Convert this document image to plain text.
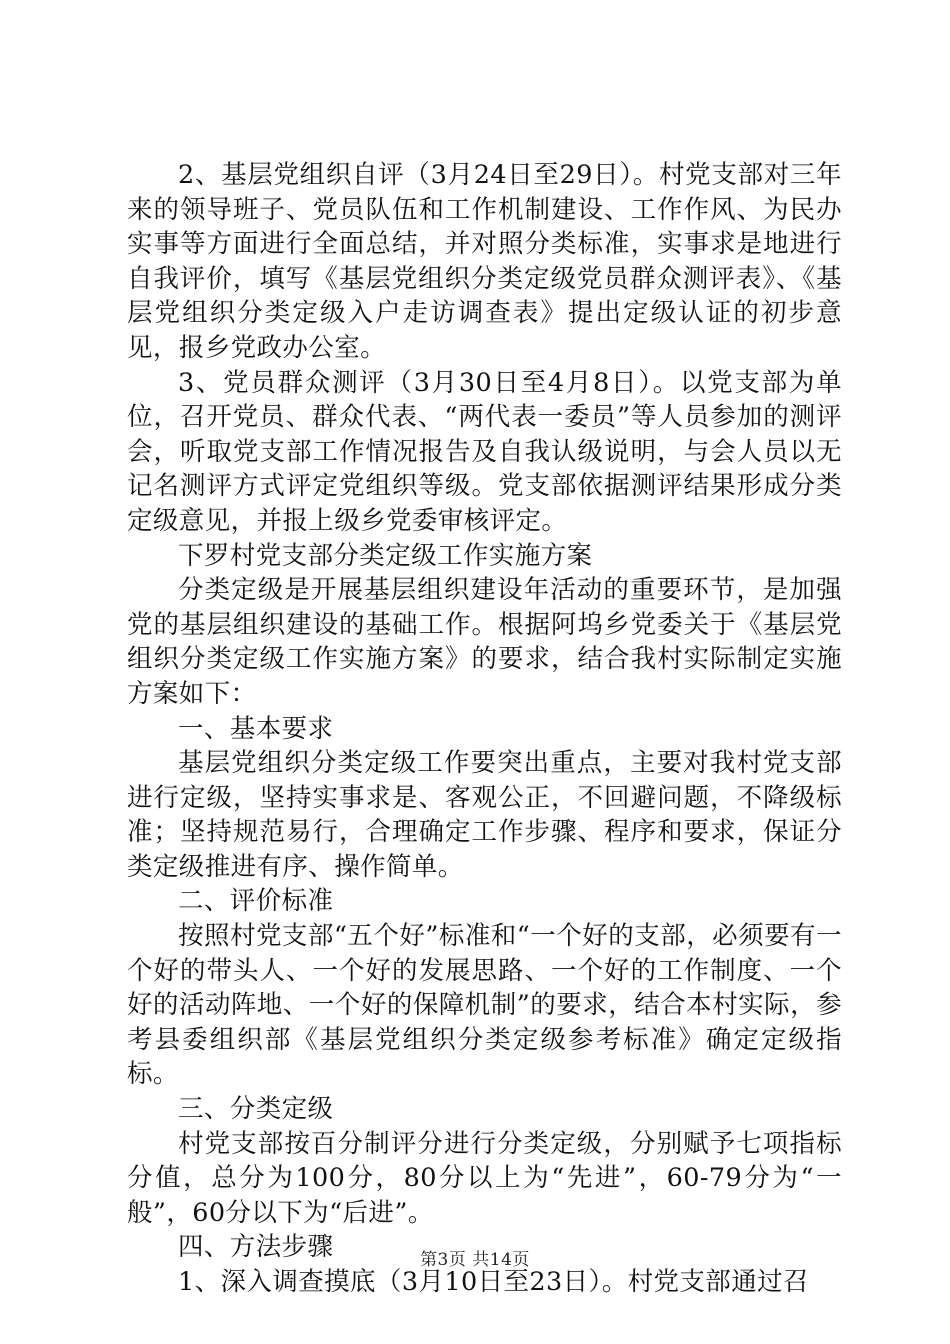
2、基层党组织自评（3月24日至29日）。村党支部对三年来的领导班子、党员队伍和工作机制建设、工作作风、为民办实事等方面进行全面总结，并对照分类标准，实事求是地进行自我评价，填写《基层党组织分类定级党员群众测评表》、《基层党组织分类定级入户走访调查表》提出定级认证的初步意见，报乡党政办公室。

3、党员群众测评（3月30日至4月8日）。以党支部为单位，召开党员、群众代表、“两代表一委员”等人员参加的测评会，听取党支部工作情况报告及自我认级说明，与会人员以无记名测评方式评定党组织等级。党支部依据测评结果形成分类定级意见，并报上级乡党委审核评定。

下罗村党支部分类定级工作实施方案

分类定级是开展基层组织建设年活动的重要环节，是加强党的基层组织建设的基础工作。根据阿坞乡党委关于《基层党组织分类定级工作实施方案》的要求，结合我村实际制定实施方案如下：

一、基本要求

基层党组织分类定级工作要突出重点，主要对我村党支部进行定级，坚持实事求是、客观公正，不回避问题，不降级标准；坚持规范易行，合理确定工作步骤、程序和要求，保证分类定级推进有序、操作简单。

二、评价标准

按照村党支部“五个好”标准和“一个好的支部，必须要有一个好的带头人、一个好的发展思路、一个好的工作制度、一个好的活动阵地、一个好的保障机制”的要求，结合本村实际，参考县委组织部《基层党组织分类定级参考标准》确定定级指标。

三、分类定级

村党支部按百分制评分进行分类定级，分别赋予七项指标分值，总分为100分，80分以上为“先进”，60-79分为“一般”，60分以下为“后进”。

四、方法步骤

1、深入调查摸底（3月10日至23日）。村党支部通过召

第3页 共14页
